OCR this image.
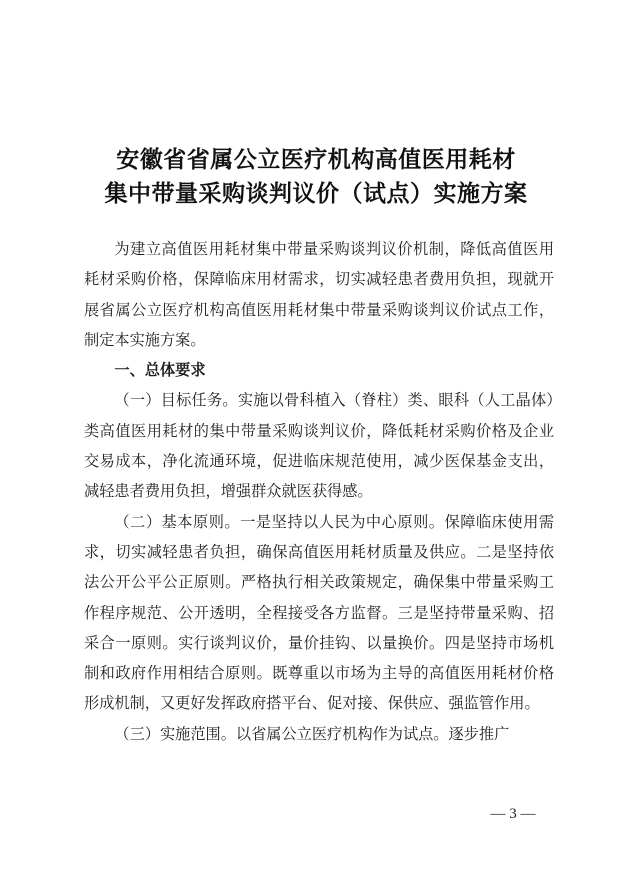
安徽省省属公立医疗机构高值医用耗材
集中带量采购谈判议价（试点）实施方案

为建立高值医用耗材集中带量采购谈判议价机制，降低高值医用耗材采购价格，保障临床用材需求，切实减轻患者费用负担，现就开展省属公立医疗机构高值医用耗材集中带量采购谈判议价试点工作，制定本实施方案。

一、总体要求

（一）目标任务。实施以骨科植入（脊柱）类、眼科（人工晶体）类高值医用耗材的集中带量采购谈判议价，降低耗材采购价格及企业交易成本，净化流通环境，促进临床规范使用，减少医保基金支出，减轻患者费用负担，增强群众就医获得感。

（二）基本原则。一是坚持以人民为中心原则。保障临床使用需求，切实减轻患者负担，确保高值医用耗材质量及供应。二是坚持依法公开公平公正原则。严格执行相关政策规定，确保集中带量采购工作程序规范、公开透明，全程接受各方监督。三是坚持带量采购、招采合一原则。实行谈判议价，量价挂钩、以量换价。四是坚持市场机制和政府作用相结合原则。既尊重以市场为主导的高值医用耗材价格形成机制，又更好发挥政府搭平台、促对接、保供应、强监管作用。

（三）实施范围。以省属公立医疗机构作为试点。逐步推广

— 3 —
